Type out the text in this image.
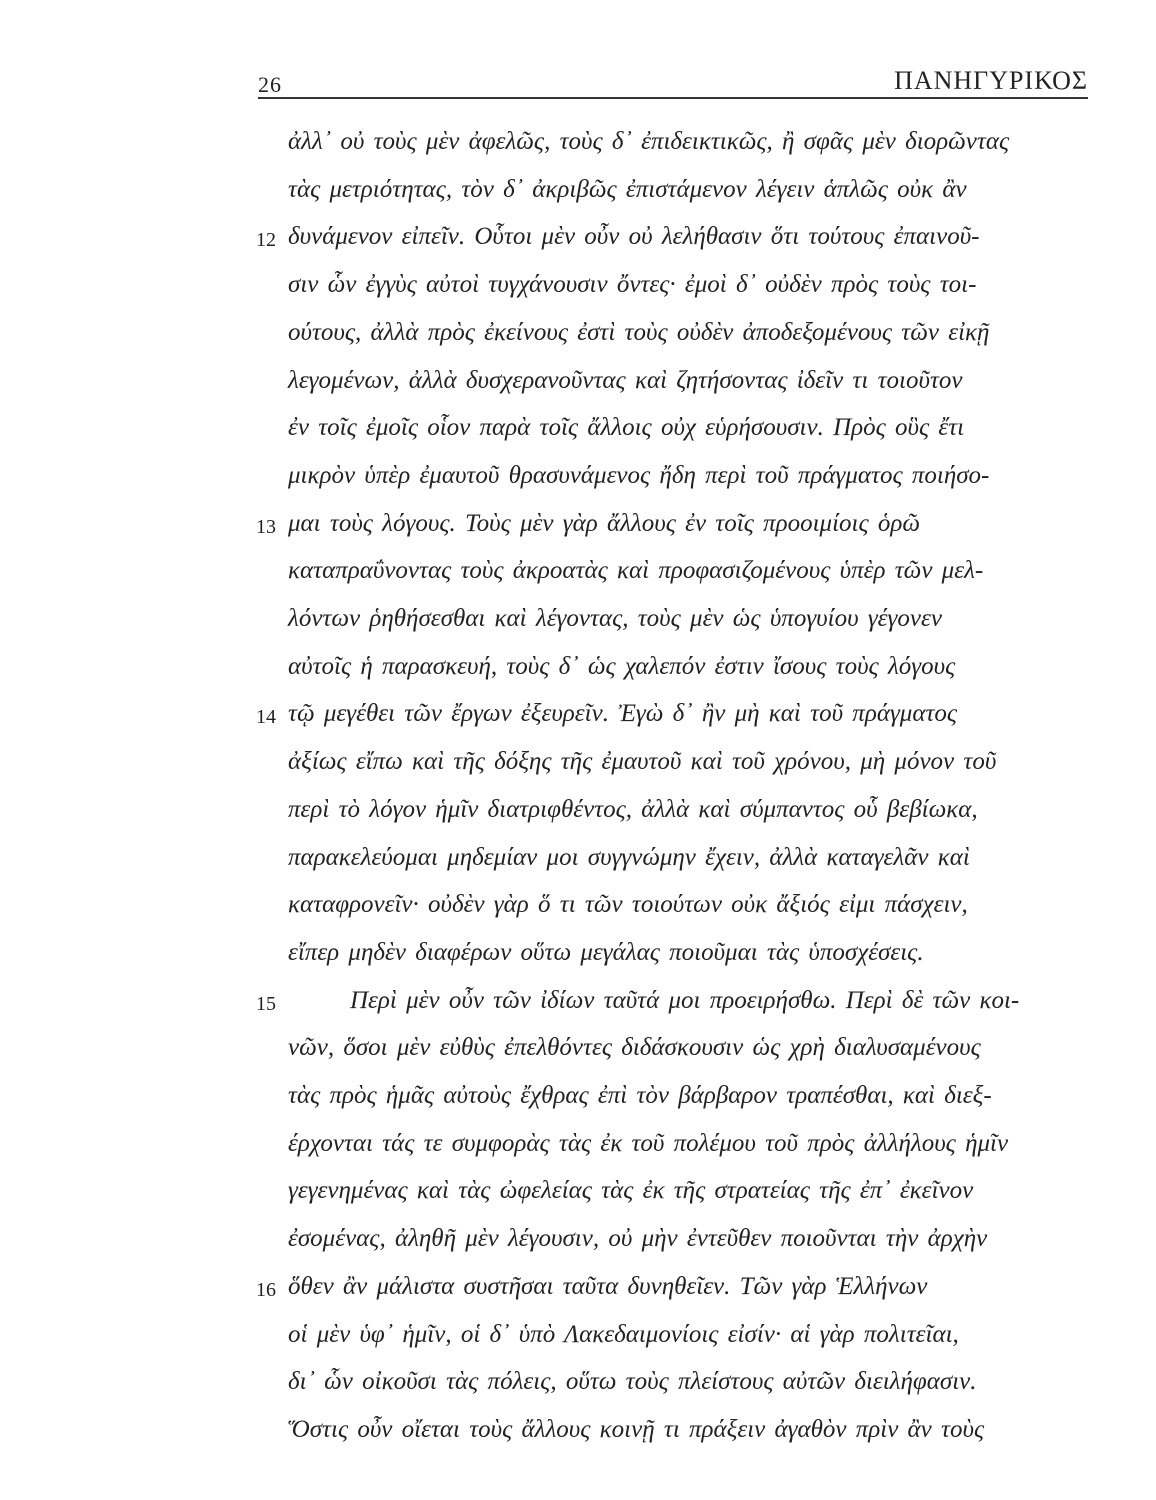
26	ΠΑΝΗΓΥΡΙΚΟΣ
ἀλλ᾽ οὐ τοὺς μὲν ἀφελῶς, τοὺς δ᾽ ἐπιδεικτικῶς, ἢ σφᾶς μὲν διορῶντας
τὰς μετριότητας, τὸν δ᾽ ἀκριβῶς ἐπιστάμενον λέγειν ἁπλῶς οὐκ ἂν
12 δυνάμενον εἰπεῖν. Οὗτοι μὲν οὖν οὐ λελήθασιν ὅτι τούτους ἐπαινοῦ-
σιν ὧν ἐγγὺς αὐτοὶ τυγχάνουσιν ὄντες· ἐμοὶ δ᾽ οὐδὲν πρὸς τοὺς τοι-
ούτους, ἀλλὰ πρὸς ἐκείνους ἐστὶ τοὺς οὐδὲν ἀποδεξομένους τῶν εἰκῇ
λεγομένων, ἀλλὰ δυσχερανοῦντας καὶ ζητήσοντας ἰδεῖν τι τοιοῦτον
ἐν τοῖς ἐμοῖς οἷον παρὰ τοῖς ἄλλοις οὐχ εὑρήσουσιν. Πρὸς οὓς ἔτι
μικρὸν ὑπὲρ ἐμαυτοῦ θρασυνάμενος ἤδη περὶ τοῦ πράγματος ποιήσο-
13 μαι τοὺς λόγους. Τοὺς μὲν γὰρ ἄλλους ἐν τοῖς προοιμίοις ὁρῶ
καταπραΰνοντας τοὺς ἀκροατὰς καὶ προφασιζομένους ὑπὲρ τῶν μελ-
λόντων ῥηθήσεσθαι καὶ λέγοντας, τοὺς μὲν ὡς ὑπογυίου γέγονεν
αὐτοῖς ἡ παρασκευή, τοὺς δ᾽ ὡς χαλεπόν ἐστιν ἴσους τοὺς λόγους
14 τῷ μεγέθει τῶν ἔργων ἐξευρεῖν. Ἐγὼ δ᾽ ἢν μὴ καὶ τοῦ πράγματος
ἀξίως εἴπω καὶ τῆς δόξης τῆς ἐμαυτοῦ καὶ τοῦ χρόνου, μὴ μόνον τοῦ
περὶ τὸ λόγον ἡμῖν διατριφθέντος, ἀλλὰ καὶ σύμπαντος οὗ βεβίωκα,
παρακελεύομαι μηδεμίαν μοι συγγνώμην ἔχειν, ἀλλὰ καταγελᾶν καὶ
καταφρονεῖν· οὐδὲν γὰρ ὅ τι τῶν τοιούτων οὐκ ἄξιός εἰμι πάσχειν,
εἴπερ μηδὲν διαφέρων οὕτω μεγάλας ποιοῦμαι τὰς ὑποσχέσεις.
15	Περὶ μὲν οὖν τῶν ἰδίων ταῦτά μοι προειρήσθω. Περὶ δὲ τῶν κοι-
νῶν, ὅσοι μὲν εὐθὺς ἐπελθόντες διδάσκουσιν ὡς χρὴ διαλυσαμένους
τὰς πρὸς ἡμᾶς αὐτοὺς ἔχθρας ἐπὶ τὸν βάρβαρον τραπέσθαι, καὶ διεξ-
έρχονται τάς τε συμφορὰς τὰς ἐκ τοῦ πολέμου τοῦ πρὸς ἀλλήλους ἡμῖν
γεγενημένας καὶ τὰς ὠφελείας τὰς ἐκ τῆς στρατείας τῆς ἐπ᾽ ἐκεῖνον
ἐσομένας, ἀληθῆ μὲν λέγουσιν, οὐ μὴν ἐντεῦθεν ποιοῦνται τὴν ἀρχὴν
16 ὅθεν ἂν μάλιστα συστῆσαι ταῦτα δυνηθεῖεν. Τῶν γὰρ Ἑλλήνων
οἱ μὲν ὑφ᾽ ἡμῖν, οἱ δ᾽ ὑπὸ Λακεδαιμονίοις εἰσίν· αἱ γὰρ πολιτεῖαι,
δι᾽ ὧν οἰκοῦσι τὰς πόλεις, οὕτω τοὺς πλείστους αὐτῶν διειλήφασιν.
Ὅστις οὖν οἴεται τοὺς ἄλλους κοινῇ τι πράξειν ἀγαθὸν πρὶν ἂν τοὺς
